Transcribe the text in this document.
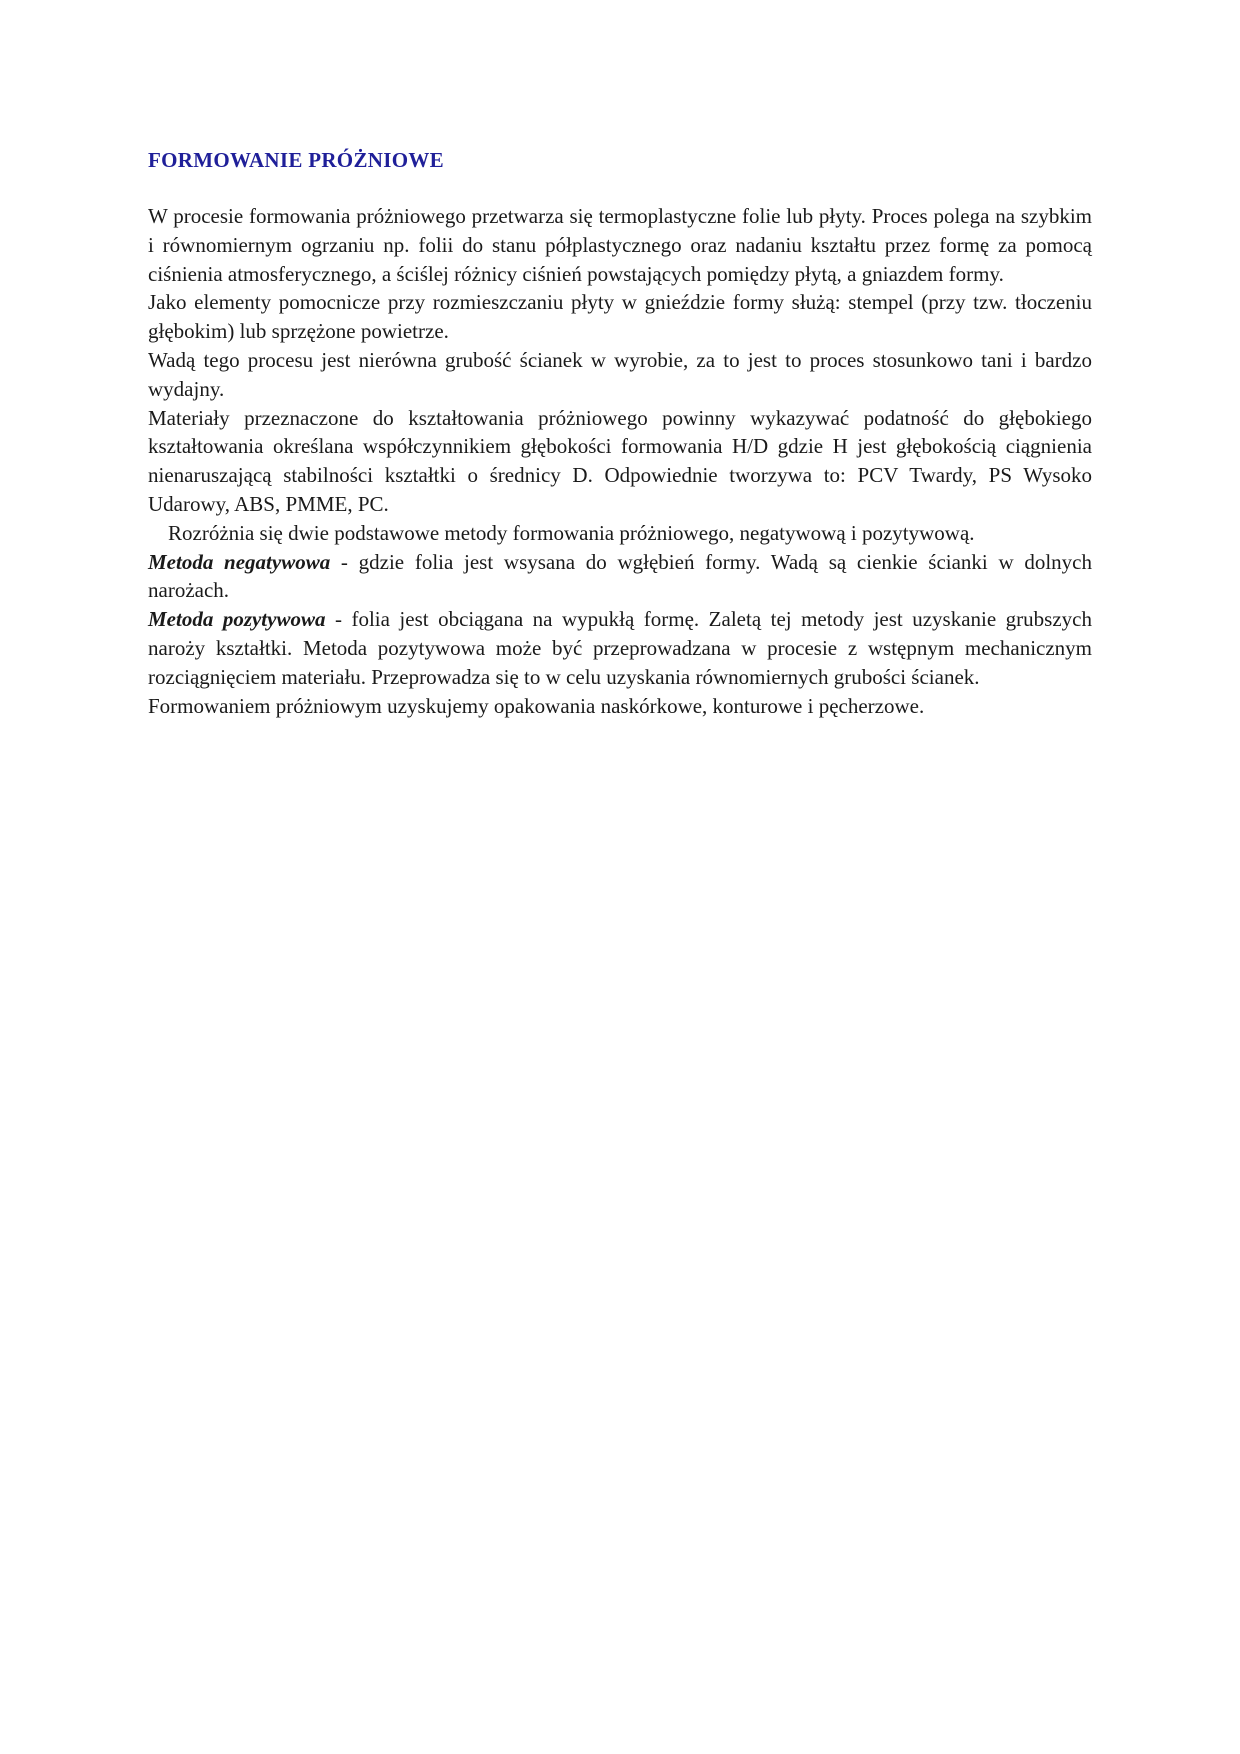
FORMOWANIE PRÓŻNIOWE

W procesie formowania próżniowego przetwarza się termoplastyczne folie lub płyty. Proces polega na szybkim i równomiernym ogrzaniu np. folii do stanu półplastycznego oraz nadaniu kształtu przez formę za pomocą ciśnienia atmosferycznego, a ściślej różnicy ciśnień powstających pomiędzy płytą, a gniazdem formy.

Jako elementy pomocnicze przy rozmieszczaniu płyty w gnieździe formy służą: stempel (przy tzw. tłoczeniu głębokim) lub sprzężone powietrze.

Wadą tego procesu jest nierówna grubość ścianek w wyrobie, za to jest to proces stosunkowo tani i bardzo wydajny.

Materiały przeznaczone do kształtowania próżniowego powinny wykazywać podatność do głębokiego kształtowania określana współczynnikiem głębokości formowania H/D gdzie H jest głębokością ciągnienia nienaruszającą stabilności kształtki o średnicy D. Odpowiednie tworzywa to: PCV Twardy, PS Wysoko Udarowy, ABS, PMME, PC.

Rozróżnia się dwie podstawowe metody formowania próżniowego, negatywową i pozytywową.

Metoda negatywowa - gdzie folia jest wsysana do wgłębień formy. Wadą są cienkie ścianki w dolnych narożach.

Metoda pozytywowa - folia jest obciągana na wypukłą formę. Zaletą tej metody jest uzyskanie grubszych naroży kształtki. Metoda pozytywowa może być przeprowadzana w procesie z wstępnym mechanicznym rozciągnięciem materiału. Przeprowadza się to w celu uzyskania równomiernych grubości ścianek.

Formowaniem próżniowym uzyskujemy opakowania naskórkowe, konturowe i pęcherzowe.
